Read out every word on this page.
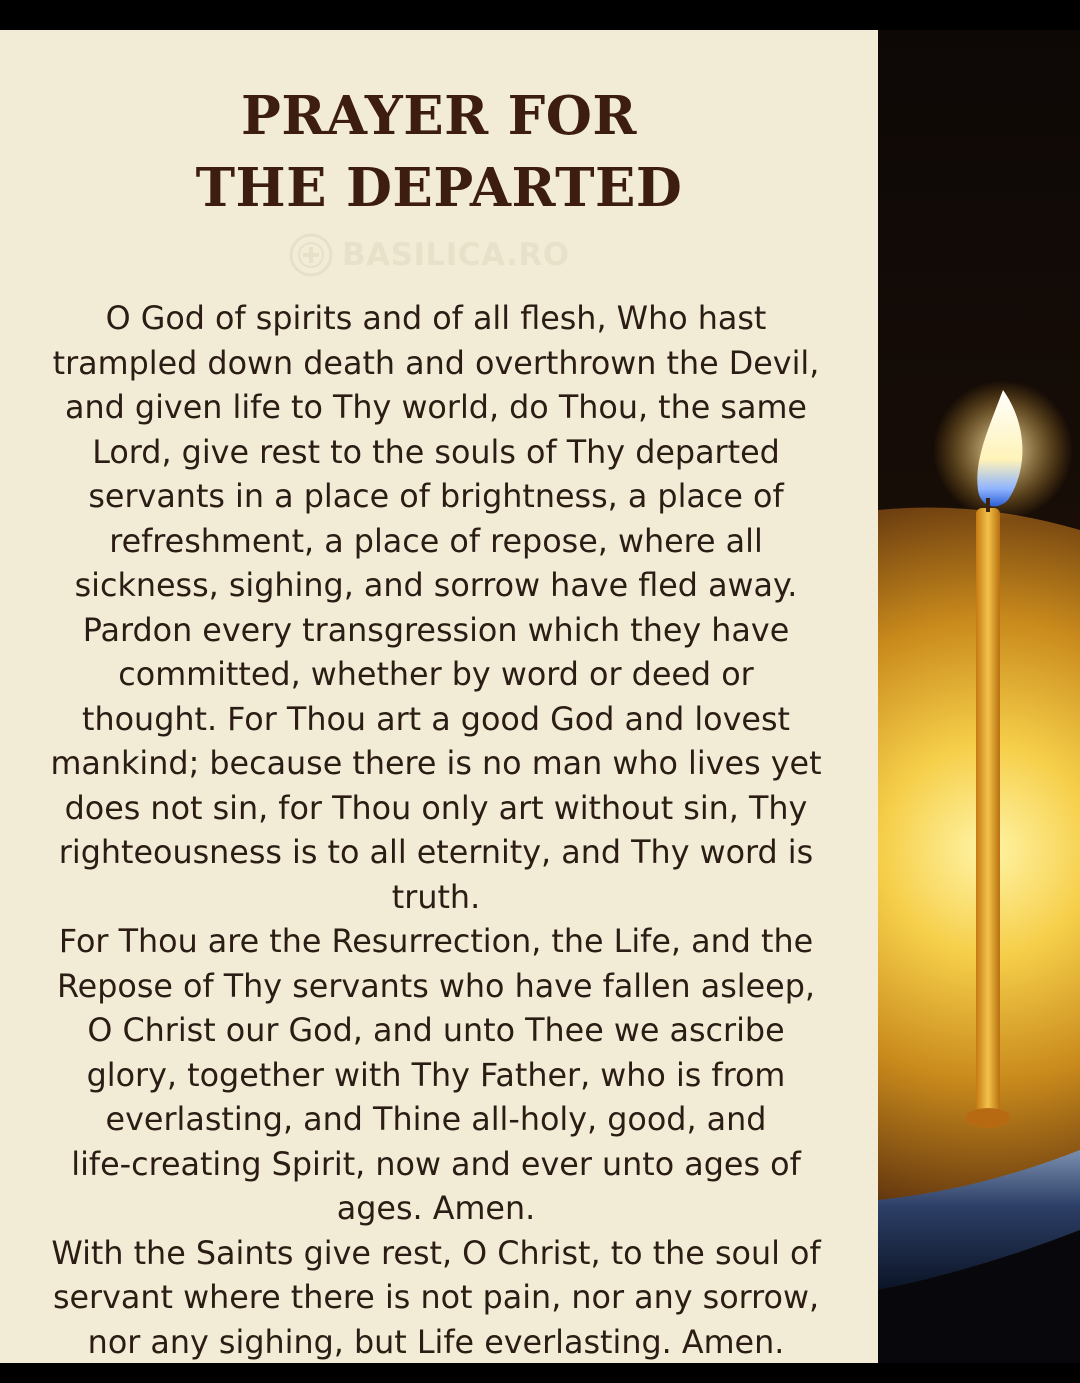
PRAYER FOR
THE DEPARTED
BASILICA.RO
O God of spirits and of all flesh, Who hast
trampled down death and overthrown the Devil,
and given life to Thy world, do Thou, the same
Lord, give rest to the souls of Thy departed
servants in a place of brightness, a place of
refreshment, a place of repose, where all
sickness, sighing, and sorrow have fled away.
Pardon every transgression which they have
committed, whether by word or deed or
thought. For Thou art a good God and lovest
mankind; because there is no man who lives yet
does not sin, for Thou only art without sin, Thy
righteousness is to all eternity, and Thy word is
truth.
For Thou are the Resurrection, the Life, and the
Repose of Thy servants who have fallen asleep,
O Christ our God, and unto Thee we ascribe
glory, together with Thy Father, who is from
everlasting, and Thine all-holy, good, and
life-creating Spirit, now and ever unto ages of
ages. Amen.
With the Saints give rest, O Christ, to the soul of
servant where there is not pain, nor any sorrow,
nor any sighing, but Life everlasting. Amen.
